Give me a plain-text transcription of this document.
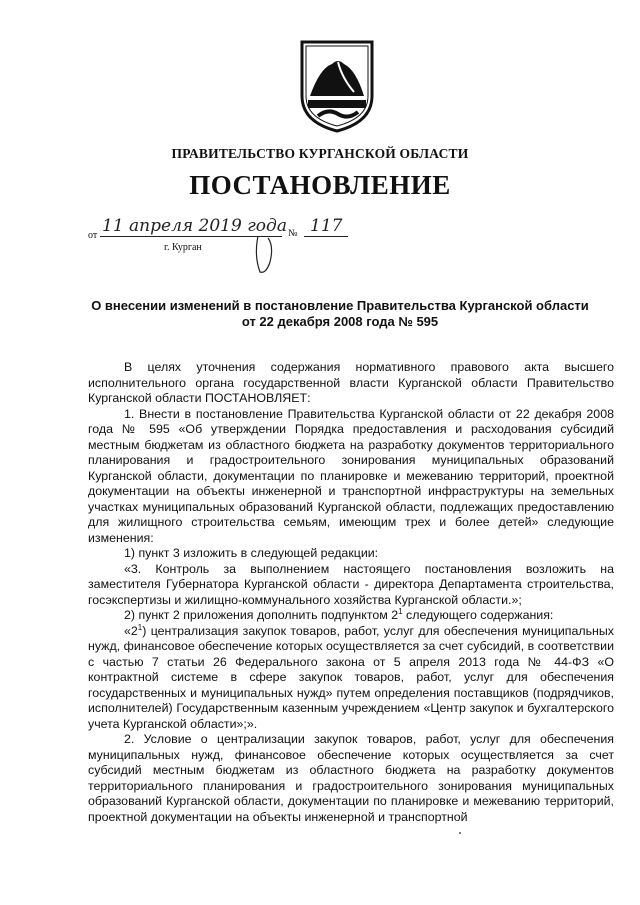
ПРАВИТЕЛЬСТВО КУРГАНСКОЙ ОБЛАСТИ
ПОСТАНОВЛЕНИЕ
от 11 апреля 2019 года № 117
г. Курган
О внесении изменений в постановление Правительства Курганской области
от 22 декабря 2008 года № 595

В целях уточнения содержания нормативного правового акта высшего исполнительного органа государственной власти Курганской области Правительство Курганской области ПОСТАНОВЛЯЕТ:

1. Внести в постановление Правительства Курганской области от 22 декабря 2008 года № 595 «Об утверждении Порядка предоставления и расходования субсидий местным бюджетам из областного бюджета на разработку документов территориального планирования и градостроительного зонирования муниципальных образований Курганской области, документации по планировке и межеванию территорий, проектной документации на объекты инженерной и транспортной инфраструктуры на земельных участках муниципальных образований Курганской области, подлежащих предоставлению для жилищного строительства семьям, имеющим трех и более детей» следующие изменения:

1) пункт 3 изложить в следующей редакции:

«3. Контроль за выполнением настоящего постановления возложить на заместителя Губернатора Курганской области - директора Департамента строительства, госэкспертизы и жилищно-коммунального хозяйства Курганской области.»;

2) пункт 2 приложения дополнить подпунктом $2^1$ следующего содержания:

«$2^1$) централизация закупок товаров, работ, услуг для обеспечения муниципальных нужд, финансовое обеспечение которых осуществляется за счет субсидий, в соответствии с частью 7 статьи 26 Федерального закона от 5 апреля 2013 года № 44-ФЗ «О контрактной системе в сфере закупок товаров, работ, услуг для обеспечения государственных и муниципальных нужд» путем определения поставщиков (подрядчиков, исполнителей) Государственным казенным учреждением «Центр закупок и бухгалтерского учета Курганской области»;».

2. Условие о централизации закупок товаров, работ, услуг для обеспечения муниципальных нужд, финансовое обеспечение которых осуществляется за счет субсидий местным бюджетам из областного бюджета на разработку документов территориального планирования и градостроительного зонирования муниципальных образований Курганской области, документации по планировке и межеванию территорий, проектной документации на объекты инженерной и транспортной
